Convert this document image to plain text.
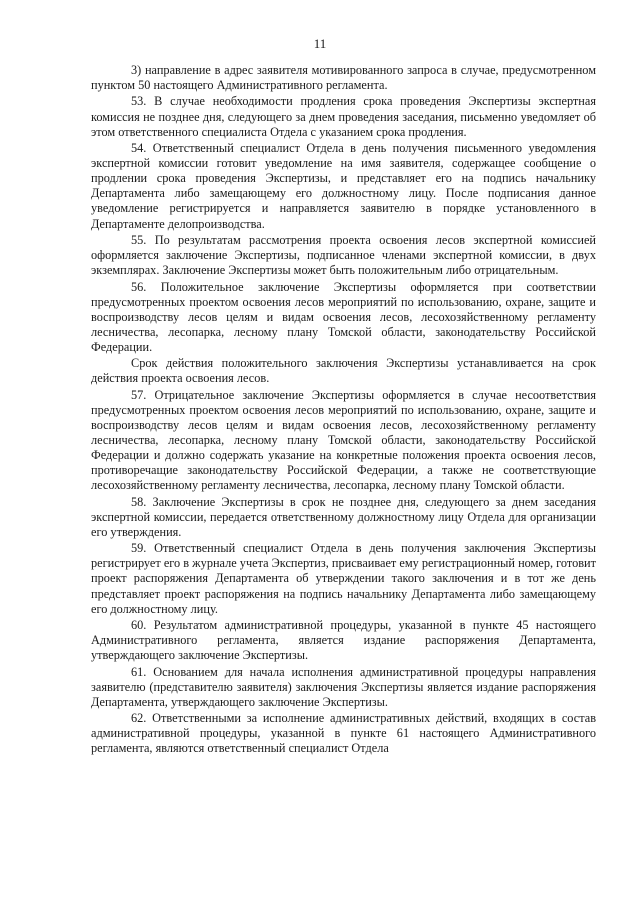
11

3) направление в адрес заявителя мотивированного запроса в случае, предусмотренном пунктом 50 настоящего Административного регламента.

53. В случае необходимости продления срока проведения Экспертизы экспертная комиссия не позднее дня, следующего за днем проведения заседания, письменно уведомляет об этом ответственного специалиста Отдела с указанием срока продления.

54. Ответственный специалист Отдела в день получения письменного уведомления экспертной комиссии готовит уведомление на имя заявителя, содержащее сообщение о продлении срока проведения Экспертизы, и представляет его на подпись начальнику Департамента либо замещающему его должностному лицу. После подписания данное уведомление регистрируется и направляется заявителю в порядке установленного в Департаменте делопроизводства.

55. По результатам рассмотрения проекта освоения лесов экспертной комиссией оформляется заключение Экспертизы, подписанное членами экспертной комиссии, в двух экземплярах. Заключение Экспертизы может быть положительным либо отрицательным.

56. Положительное заключение Экспертизы оформляется при соответствии предусмотренных проектом освоения лесов мероприятий по использованию, охране, защите и воспроизводству лесов целям и видам освоения лесов, лесохозяйственному регламенту лесничества, лесопарка, лесному плану Томской области, законодательству Российской Федерации.

Срок действия положительного заключения Экспертизы устанавливается на срок действия проекта освоения лесов.

57. Отрицательное заключение Экспертизы оформляется в случае несоответствия предусмотренных проектом освоения лесов мероприятий по использованию, охране, защите и воспроизводству лесов целям и видам освоения лесов, лесохозяйственному регламенту лесничества, лесопарка, лесному плану Томской области, законодательству Российской Федерации и должно содержать указание на конкретные положения проекта освоения лесов, противоречащие законодательству Российской Федерации, а также не соответствующие лесохозяйственному регламенту лесничества, лесопарка, лесному плану Томской области.

58. Заключение Экспертизы в срок не позднее дня, следующего за днем заседания экспертной комиссии, передается ответственному должностному лицу Отдела для организации его утверждения.

59. Ответственный специалист Отдела в день получения заключения Экспертизы регистрирует его в журнале учета Экспертиз, присваивает ему регистрационный номер, готовит проект распоряжения Департамента об утверждении такого заключения и в тот же день представляет проект распоряжения на подпись начальнику Департамента либо замещающему его должностному лицу.

60. Результатом административной процедуры, указанной в пункте 45 настоящего Административного регламента, является издание распоряжения Департамента, утверждающего заключение Экспертизы.

61. Основанием для начала исполнения административной процедуры направления заявителю (представителю заявителя) заключения Экспертизы является издание распоряжения Департамента, утверждающего заключение Экспертизы.

62. Ответственными за исполнение административных действий, входящих в состав административной процедуры, указанной в пункте 61 настоящего Административного регламента, являются ответственный специалист Отдела
